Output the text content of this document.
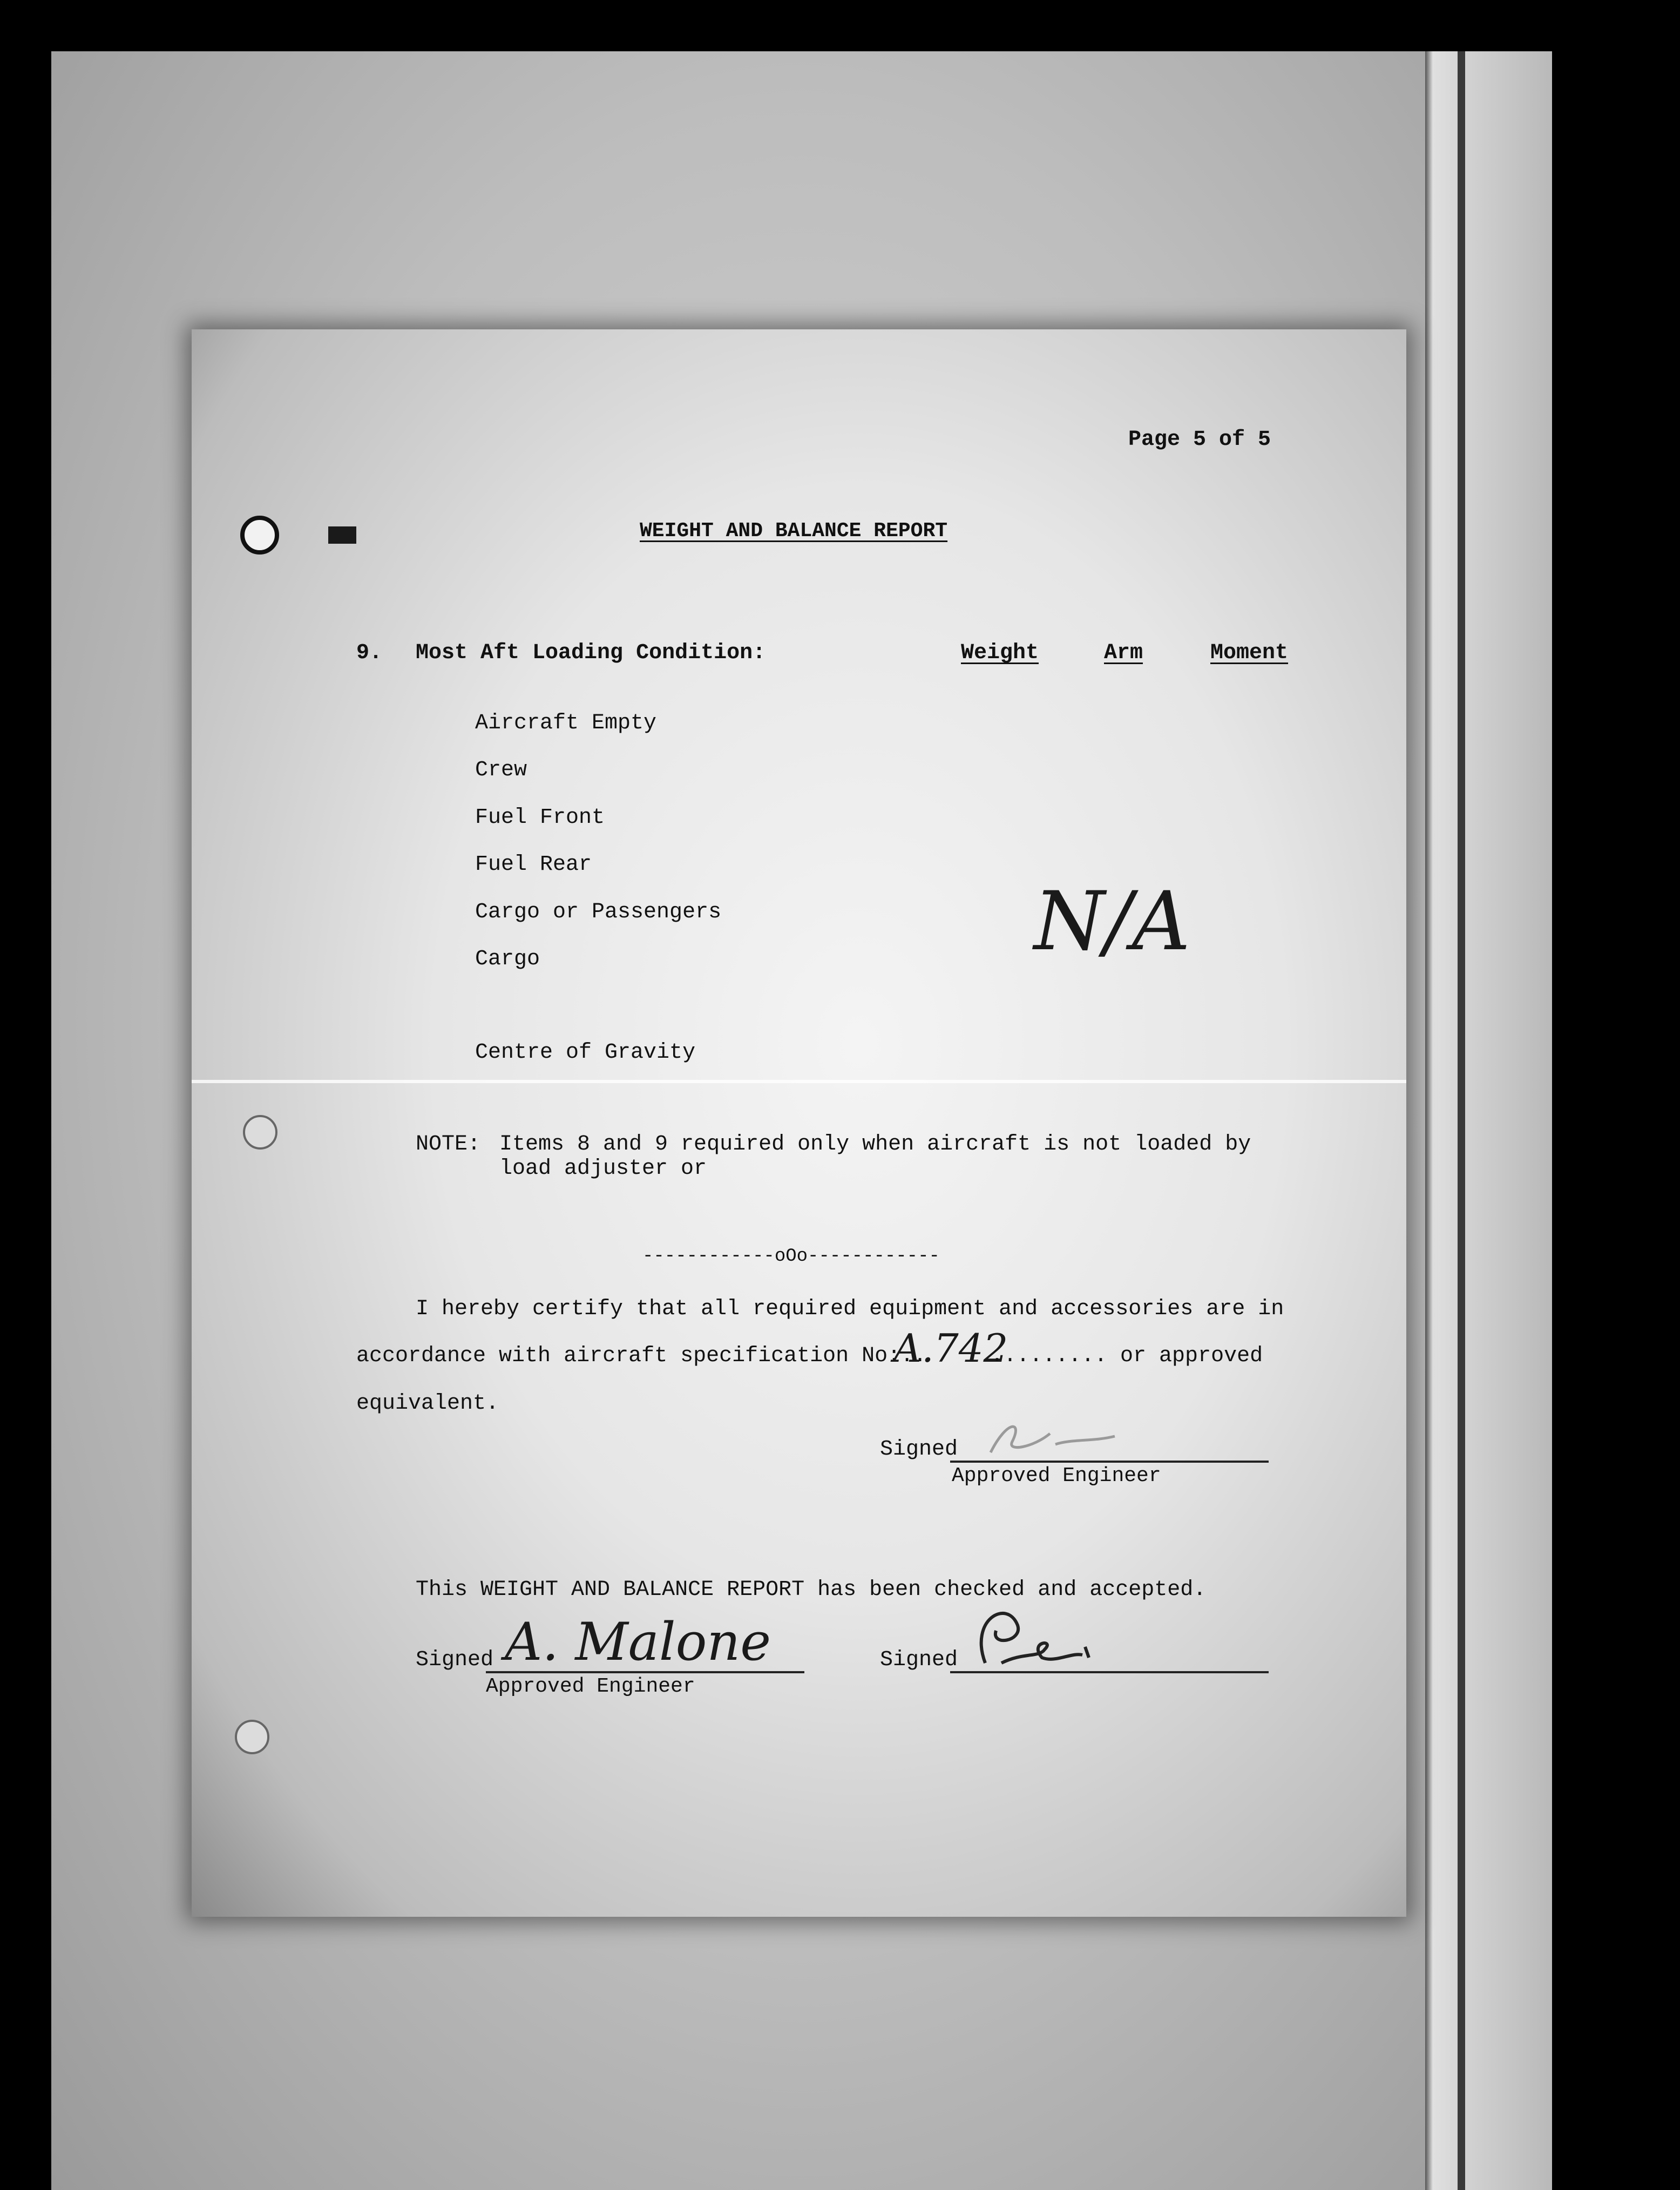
Page 5 of 5
WEIGHT AND BALANCE REPORT
9. Most Aft Loading Condition:	Weight	Arm	Moment
Aircraft Empty
Crew
Fuel Front
Fuel Rear
Cargo or Passengers
Cargo	N/A
Centre of Gravity
NOTE: Items 8 and 9 required only when aircraft is not loaded by
load adjuster or
------------oOo------------
I hereby certify that all required equipment and accessories are in
accordance with aircraft specification No:..
A.742
......... or approved
equivalent.
Signed
Approved Engineer
This WEIGHT AND BALANCE REPORT has been checked and accepted.
Signed A. Malone
Approved Engineer
Signed
